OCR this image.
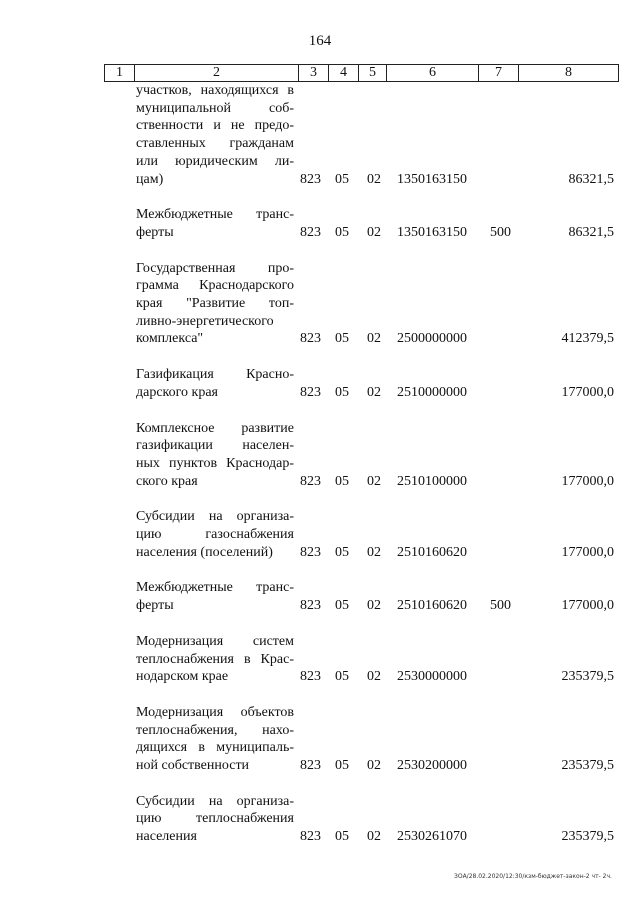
164
1	2	3	4	5	6	7	8
участков, находящихся в
муниципальной соб-
ственности и не предо-
ставленных гражданам
или юридическим ли-
цам)	823 05 02 1350163150	86321,5
Межбюджетные транс-
ферты	823 05 02 1350163150 500	86321,5
Государственная про-
грамма Краснодарского
края "Развитие топ-
ливно-энергетического
комплекса"	823 05 02 2500000000	412379,5
Газификация Красно-
дарского края	823 05 02 2510000000	177000,0
Комплексное развитие
газификации населен-
ных пунктов Краснодар-
ского края	823 05 02 2510100000	177000,0
Субсидии на организа-
цию газоснабжения
населения (поселений)	823 05 02 2510160620	177000,0
Межбюджетные транс-
ферты	823 05 02 2510160620 500	177000,0
Модернизация систем
теплоснабжения в Крас-
нодарском крае	823 05 02 2530000000	235379,5
Модернизация объектов
теплоснабжения, нахо-
дящихся в муниципаль-
ной собственности	823 05 02 2530200000	235379,5
Субсидии на организа-
цию теплоснабжения
населения	823 05 02 2530261070	235379,5
ЗОА/28.02.2020/12:30/кзм-бюджет-закон-2 чт- 2ч.
